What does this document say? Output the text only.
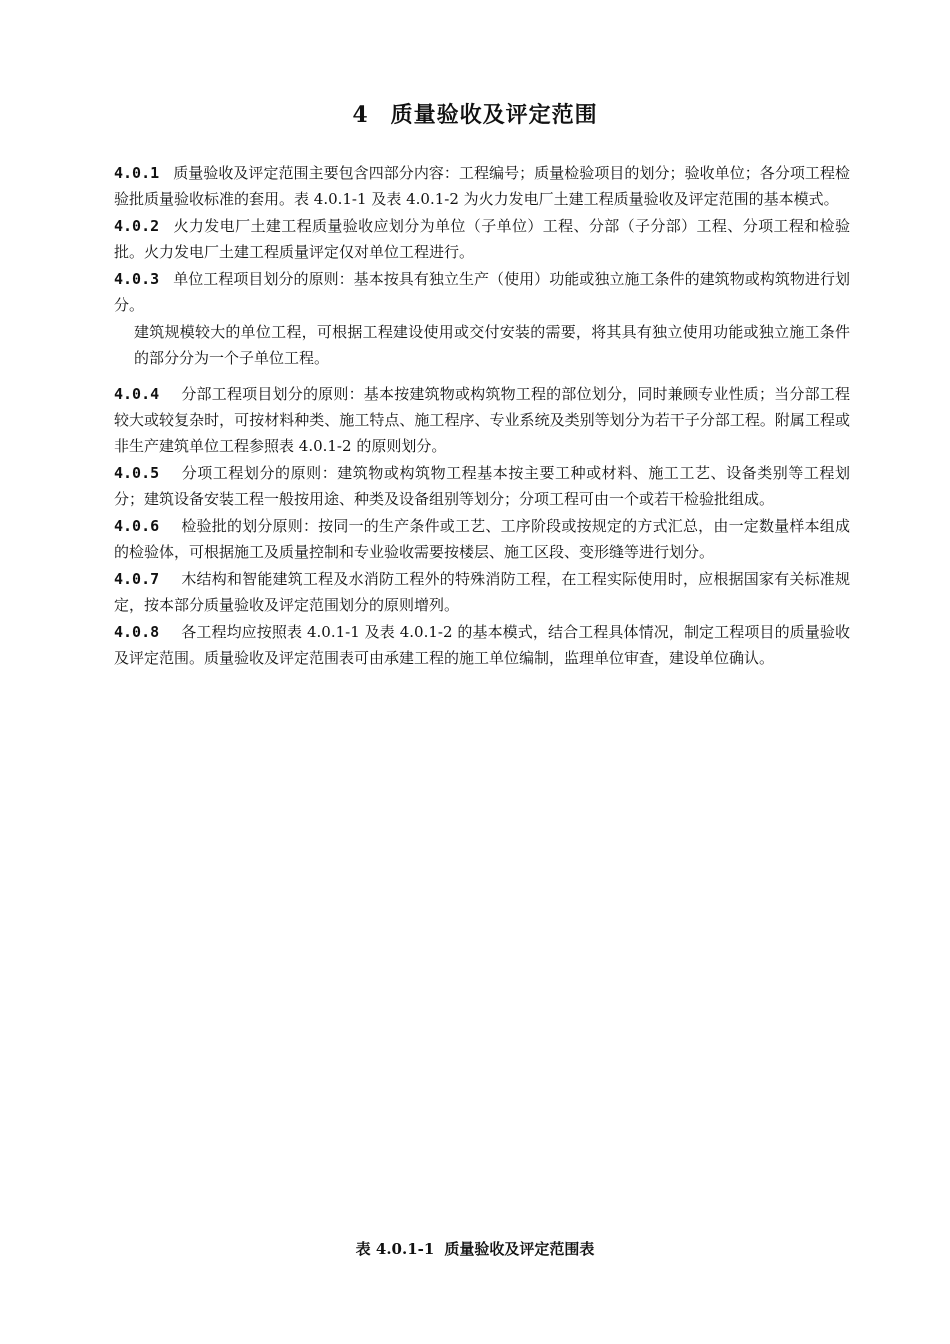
4 质量验收及评定范围

4.0.1 质量验收及评定范围主要包含四部分内容：工程编号；质量检验项目的划分；验收单位；各分项工程检验批质量验收标准的套用。表 4.0.1-1 及表 4.0.1-2 为火力发电厂土建工程质量验收及评定范围的基本模式。

4.0.2 火力发电厂土建工程质量验收应划分为单位（子单位）工程、分部（子分部）工程、分项工程和检验批。火力发电厂土建工程质量评定仅对单位工程进行。

4.0.3 单位工程项目划分的原则：基本按具有独立生产（使用）功能或独立施工条件的建筑物或构筑物进行划分。

建筑规模较大的单位工程，可根据工程建设使用或交付安装的需要，将其具有独立使用功能或独立施工条件的部分分为一个子单位工程。

4.0.4 分部工程项目划分的原则：基本按建筑物或构筑物工程的部位划分，同时兼顾专业性质；当分部工程较大或较复杂时，可按材料种类、施工特点、施工程序、专业系统及类别等划分为若干子分部工程。附属工程或非生产建筑单位工程参照表 4.0.1-2 的原则划分。

4.0.5 分项工程划分的原则：建筑物或构筑物工程基本按主要工种或材料、施工工艺、设备类别等工程划分；建筑设备安装工程一般按用途、种类及设备组别等划分；分项工程可由一个或若干检验批组成。

4.0.6 检验批的划分原则：按同一的生产条件或工艺、工序阶段或按规定的方式汇总，由一定数量样本组成的检验体，可根据施工及质量控制和专业验收需要按楼层、施工区段、变形缝等进行划分。

4.0.7 木结构和智能建筑工程及水消防工程外的特殊消防工程，在工程实际使用时，应根据国家有关标准规定，按本部分质量验收及评定范围划分的原则增列。

4.0.8 各工程均应按照表 4.0.1-1 及表 4.0.1-2 的基本模式，结合工程具体情况，制定工程项目的质量验收及评定范围。质量验收及评定范围表可由承建工程的施工单位编制，监理单位审查，建设单位确认。

表 4.0.1-1 质量验收及评定范围表
